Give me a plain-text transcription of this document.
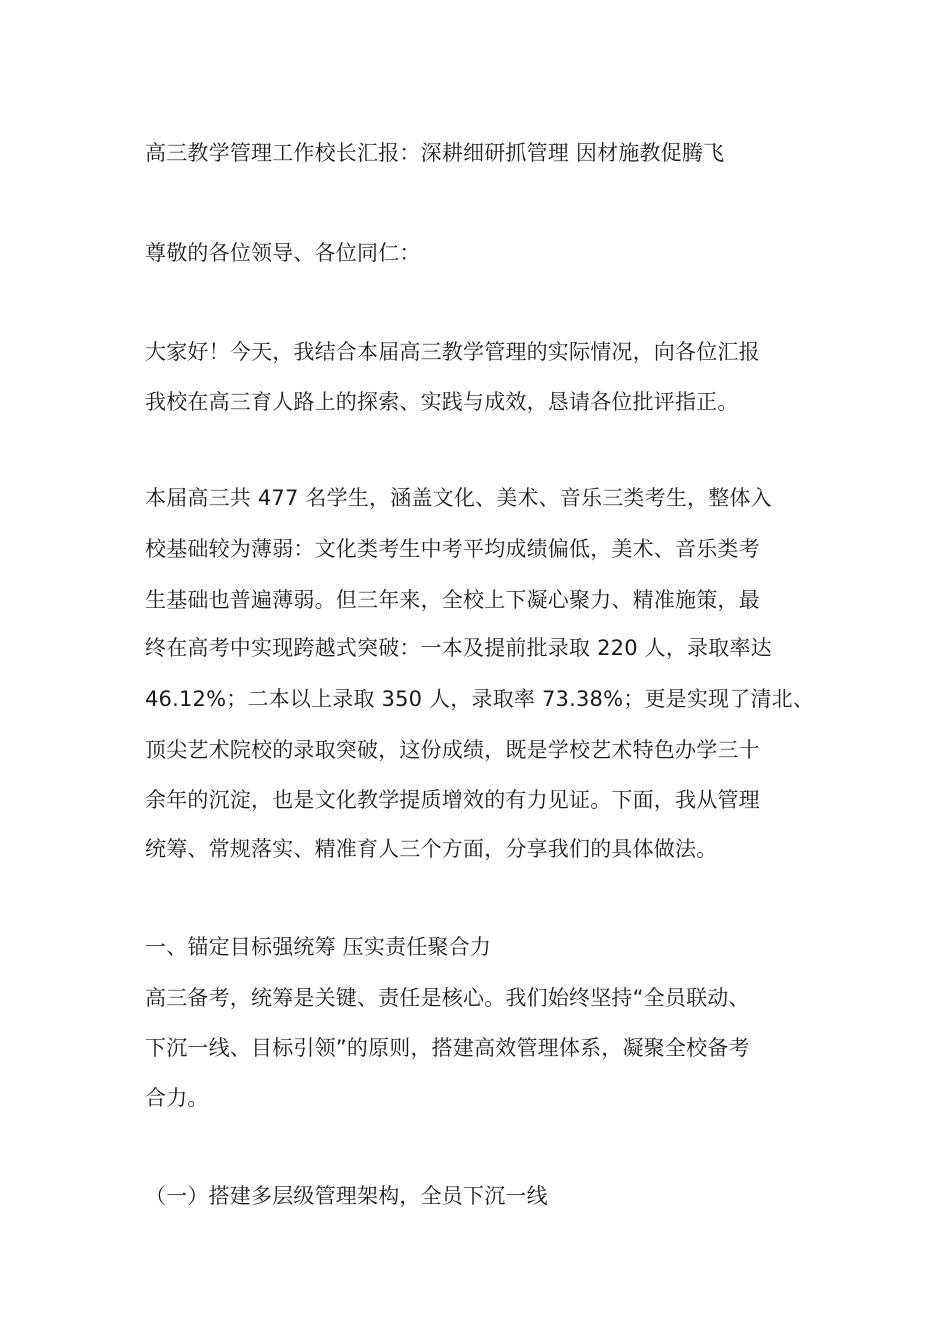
高三教学管理工作校长汇报：深耕细研抓管理 因材施教促腾飞
尊敬的各位领导、各位同仁：
大家好！今天，我结合本届高三教学管理的实际情况，向各位汇报
我校在高三育人路上的探索、实践与成效，恳请各位批评指正。
本届高三共 477 名学生，涵盖文化、美术、音乐三类考生，整体入
校基础较为薄弱：文化类考生中考平均成绩偏低，美术、音乐类考
生基础也普遍薄弱。但三年来，全校上下凝心聚力、精准施策，最
终在高考中实现跨越式突破：一本及提前批录取 220 人，录取率达
46.12%；二本以上录取 350 人，录取率 73.38%；更是实现了清北、
顶尖艺术院校的录取突破，这份成绩，既是学校艺术特色办学三十
余年的沉淀，也是文化教学提质增效的有力见证。下面，我从管理
统筹、常规落实、精准育人三个方面，分享我们的具体做法。
一、锚定目标强统筹 压实责任聚合力
高三备考，统筹是关键、责任是核心。我们始终坚持“全员联动、
下沉一线、目标引领”的原则，搭建高效管理体系，凝聚全校备考
合力。
（一）搭建多层级管理架构，全员下沉一线
